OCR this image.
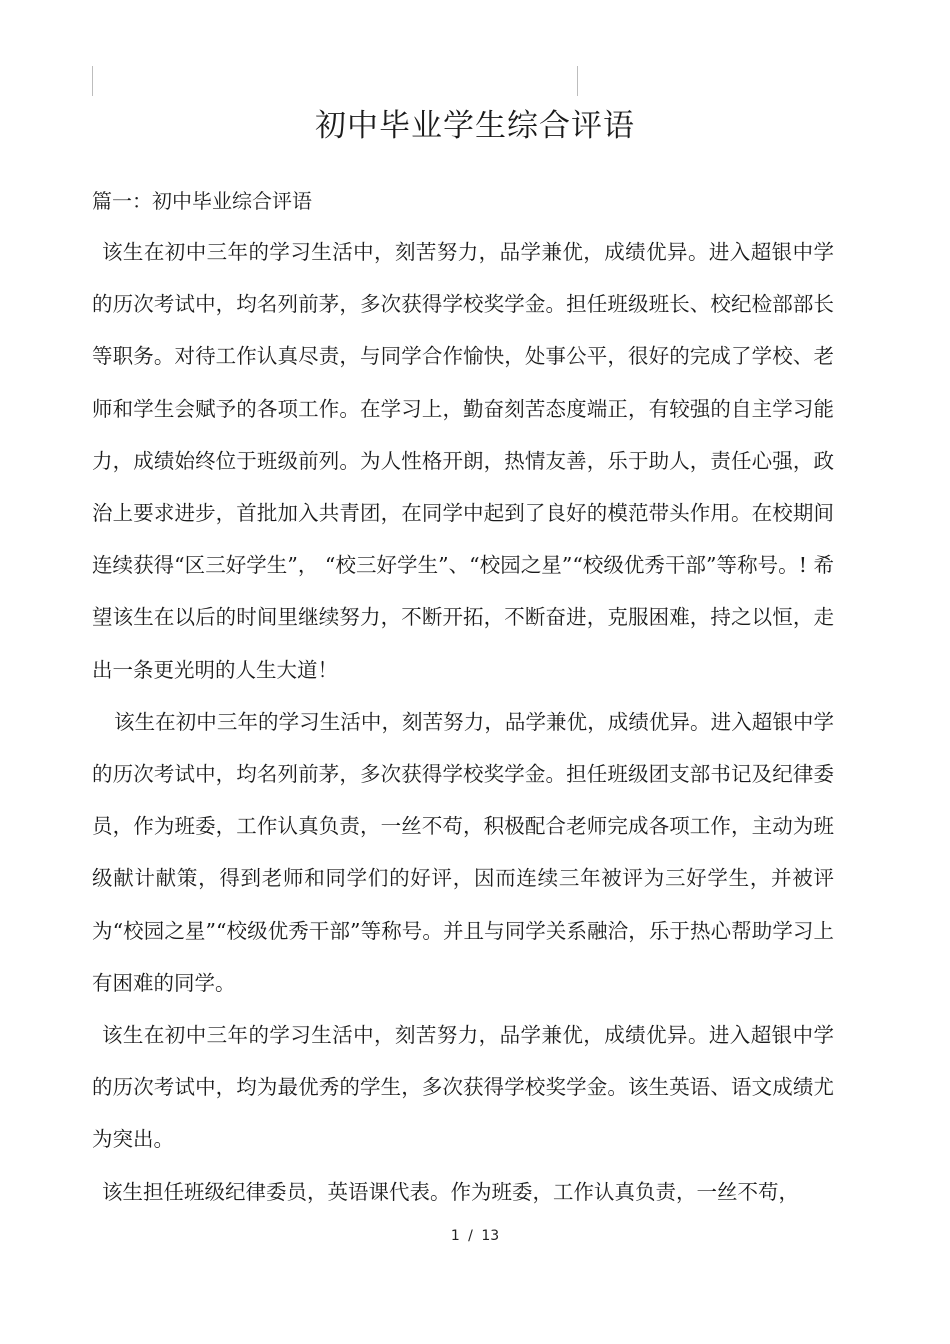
初中毕业学生综合评语
篇一：初中毕业综合评语

该生在初中三年的学习生活中，刻苦努力，品学兼优，成绩优异。进入超银中学的历次考试中，均名列前茅，多次获得学校奖学金。担任班级班长、校纪检部部长等职务。对待工作认真尽责，与同学合作愉快，处事公平，很好的完成了学校、老师和学生会赋予的各项工作。在学习上，勤奋刻苦态度端正，有较强的自主学习能力，成绩始终位于班级前列。为人性格开朗，热情友善，乐于助人，责任心强，政治上要求进步，首批加入共青团，在同学中起到了良好的模范带头作用。在校期间连续获得“区三好学生”， “校三好学生”、“校园之星”“校级优秀干部”等称号。! 希望该生在以后的时间里继续努力，不断开拓，不断奋进，克服困难，持之以恒，走出一条更光明的人生大道！

该生在初中三年的学习生活中，刻苦努力，品学兼优，成绩优异。进入超银中学的历次考试中，均名列前茅，多次获得学校奖学金。担任班级团支部书记及纪律委员，作为班委，工作认真负责，一丝不苟，积极配合老师完成各项工作，主动为班级献计献策，得到老师和同学们的好评，因而连续三年被评为三好学生，并被评为“校园之星”“校级优秀干部”等称号。并且与同学关系融洽，乐于热心帮助学习上有困难的同学。

该生在初中三年的学习生活中，刻苦努力，品学兼优，成绩优异。进入超银中学的历次考试中，均为最优秀的学生，多次获得学校奖学金。该生英语、语文成绩尤为突出。

该生担任班级纪律委员，英语课代表。作为班委，工作认真负责，一丝不苟，

1 / 13
